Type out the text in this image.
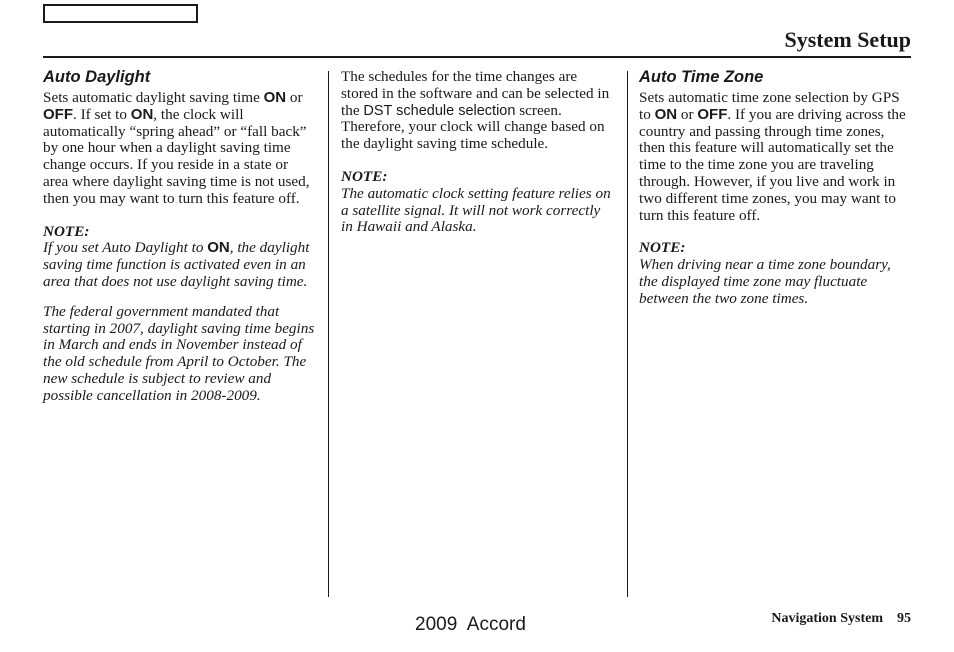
System Setup
Auto Daylight

Sets automatic daylight saving time ON or OFF. If set to ON, the clock will automatically “spring ahead” or “fall back” by one hour when a daylight saving time change occurs. If you reside in a state or area where daylight saving time is not used, then you may want to turn this feature off.

NOTE:

If you set Auto Daylight to ON, the daylight saving time function is activated even in an area that does not use daylight saving time.

The federal government mandated that starting in 2007, daylight saving time begins in March and ends in November instead of the old schedule from April to October. The new schedule is subject to review and possible cancellation in 2008-2009.

The schedules for the time changes are stored in the software and can be selected in the DST schedule selection screen. Therefore, your clock will change based on the daylight saving time schedule.

NOTE:

The automatic clock setting feature relies on a satellite signal. It will not work correctly in Hawaii and Alaska.

Auto Time Zone

Sets automatic time zone selection by GPS to ON or OFF. If you are driving across the country and passing through time zones, then this feature will automatically set the time to the time zone you are traveling through. However, if you live and work in two different time zones, you may want to turn this feature off.

NOTE:

When driving near a time zone boundary, the displayed time zone may fluctuate between the two zone times.

2009  Accord	Navigation System 95
